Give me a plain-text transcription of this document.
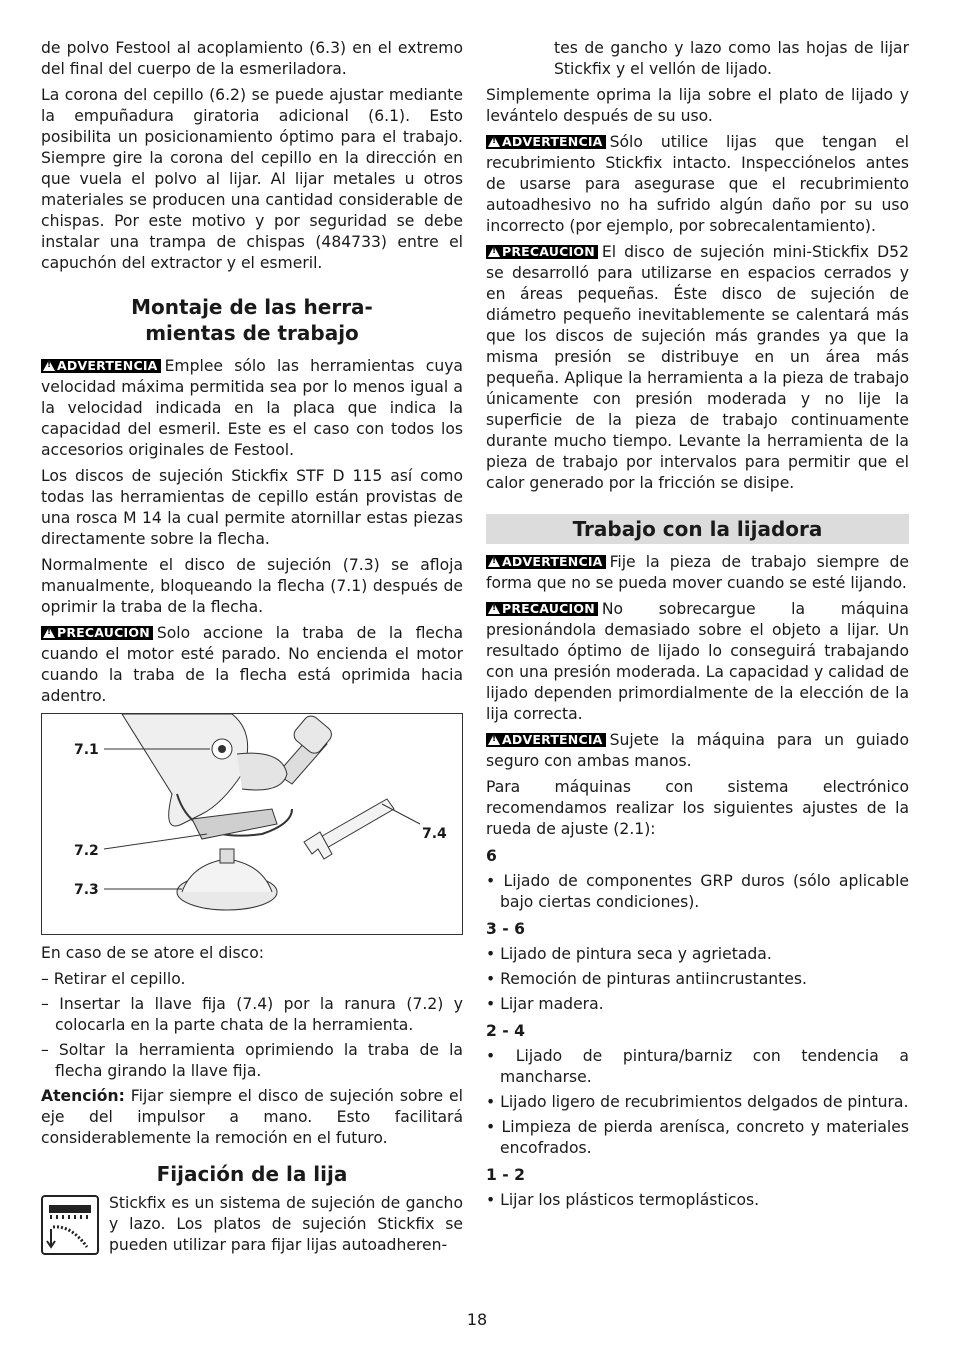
de polvo Festool al acoplamiento (6.3) en el extremo del final del cuerpo de la esmeriladora.

La corona del cepillo (6.2) se puede ajustar mediante la empuñadura giratoria adicional (6.1). Esto posibilita un posicionamiento óptimo para el trabajo. Siempre gire la corona del cepillo en la dirección en que vuela el polvo al lijar. Al lijar metales u otros materiales se producen una cantidad considerable de chispas. Por este motivo y por seguridad se debe instalar una trampa de chispas (484733) entre el capuchón del extractor y el esmeril.

Montaje de las herra-
mientas de trabajo

!ADVERTENCIA Emplee sólo las herramientas cuya velocidad máxima permitida sea por lo menos igual a la velocidad indicada en la placa que indica la capacidad del esmeril. Este es el caso con todos los accesorios originales de Festool.

Los discos de sujeción Stickfix STF D 115 así como todas las herramientas de cepillo están provistas de una rosca M 14 la cual permite atornillar estas piezas directamente sobre la flecha.

Normalmente el disco de sujeción (7.3) se afloja manualmente, bloqueando la flecha (7.1) después de oprimir la traba de la flecha.

!PRECAUCION Solo accione la traba de la flecha cuando el motor esté parado. No encienda el motor cuando la traba de la flecha está oprimida hacia adentro.

7.1
7.2
7.3
7.4

En caso de se atore el disco:

– Retirar el cepillo.
– Insertar la llave fija (7.4) por la ranura (7.2) y colocarla en la parte chata de la herramienta.
– Soltar la herramienta oprimiendo la traba de la flecha girando la llave fija.

Atención: Fijar siempre el disco de sujeción sobre el eje del impulsor a mano. Esto facilitará considerablemente la remoción en el futuro.

Fijación de la lija

Stickfix es un sistema de sujeción de gancho y lazo. Los platos de sujeción Stickfix se pueden utilizar para fijar lijas autoadheren-

tes de gancho y lazo como las hojas de lijar Stickfix y el vellón de lijado.

Simplemente oprima la lija sobre el plato de lijado y levántelo después de su uso.

!ADVERTENCIA Sólo utilice lijas que tengan el recubrimiento Stickfix intacto. Inspecciónelos antes de usarse para asegurase que el recubrimiento autoadhesivo no ha sufrido algún daño por su uso incorrecto (por ejemplo, por sobrecalentamiento).

!PRECAUCION El disco de sujeción mini-Stickfix D52 se desarrolló para utilizarse en espacios cerrados y en áreas pequeñas. Éste disco de sujeción de diámetro pequeño inevitablemente se calentará más que los discos de sujeción más grandes ya que la misma presión se distribuye en un área más pequeña. Aplique la herramienta a la pieza de trabajo únicamente con presión moderada y no lije la superficie de la pieza de trabajo continuamente durante mucho tiempo. Levante la herramienta de la pieza de trabajo por intervalos para permitir que el calor generado por la fricción se disipe.

Trabajo con la lijadora

!ADVERTENCIA Fije la pieza de trabajo siempre de forma que no se pueda mover cuando se esté lijando.

!PRECAUCION No sobrecargue la máquina presionándola demasiado sobre el objeto a lijar. Un resultado óptimo de lijado lo conseguirá trabajando con una presión moderada. La capacidad y calidad de lijado dependen primordialmente de la elección de la lija correcta.

!ADVERTENCIA Sujete la máquina para un guiado seguro con ambas manos.

Para máquinas con sistema electrónico recomendamos realizar los siguientes ajustes de la rueda de ajuste (2.1):

6
• Lijado de componentes GRP duros (sólo aplicable bajo ciertas condiciones).
3 - 6
• Lijado de pintura seca y agrietada.
• Remoción de pinturas antiincrustantes.
• Lijar madera.
2 - 4
• Lijado de pintura/barniz con tendencia a mancharse.
• Lijado ligero de recubrimientos delgados de pintura.
• Limpieza de pierda arenísca, concreto y materiales encofrados.
1 - 2
• Lijar los plásticos termoplásticos.
18
